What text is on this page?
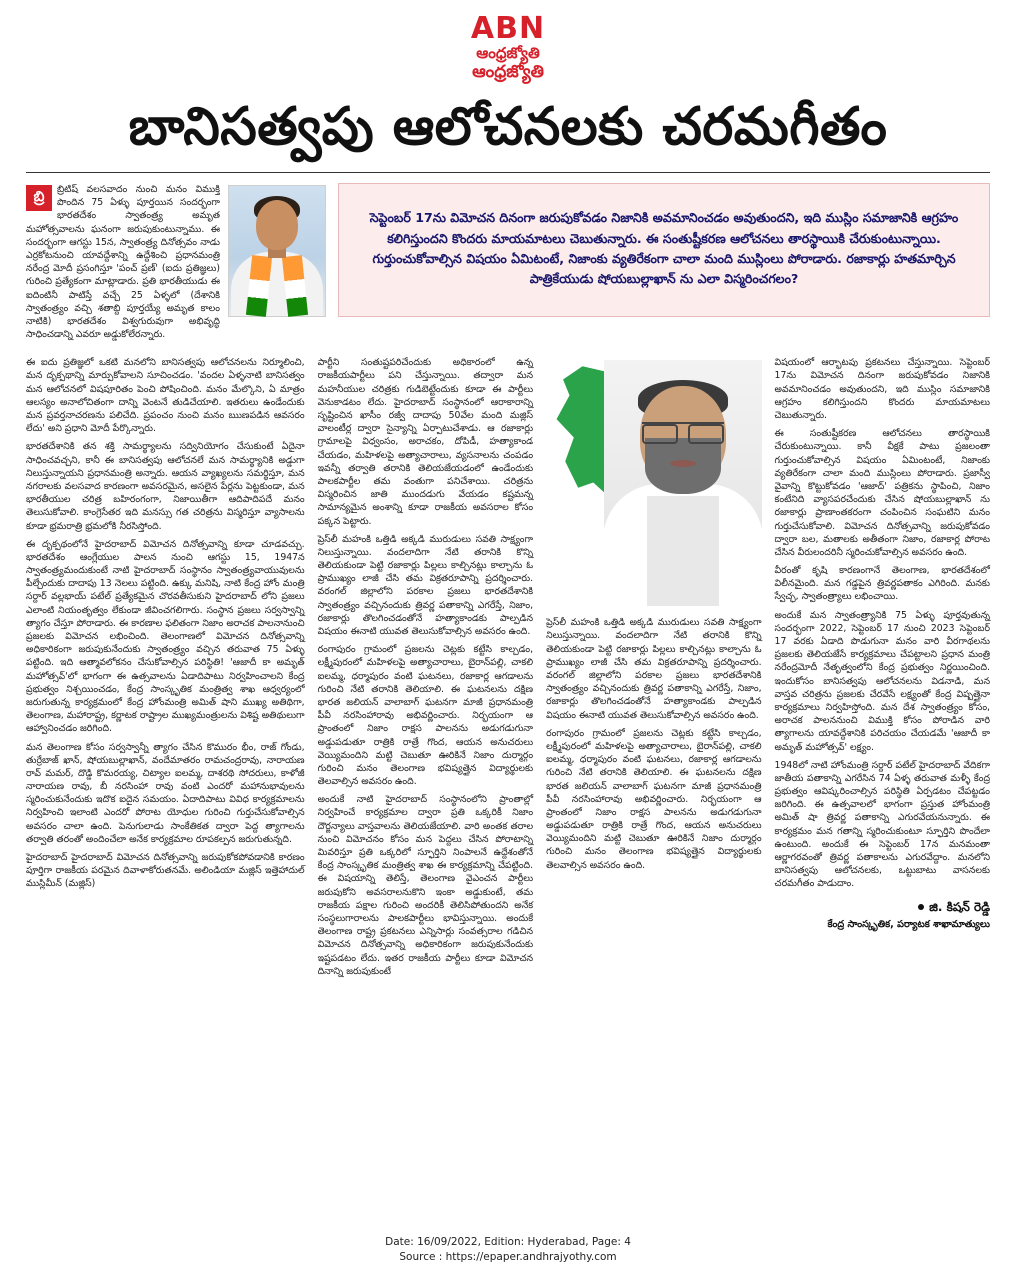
ABN
ఆంధ్రజ్యోతి
ఆంధ్రజ్యోతి
బానిసత్వపు ఆలోచనలకు చరమగీతం
బ్రి	బ్రిటిష్ వలసవాదం నుంచి మనం విముక్తి పొందిన 75 ఏళ్ళు పూర్తయిన సందర్భంగా భారతదేశం స్వాతంత్ర్య అమృత మహోత్సవాలను ఘనంగా జరుపుకుంటున్నాము. ఈ సందర్భంగా ఆగస్టు 15న, స్వాతంత్ర్య దినోత్సవం నాడు ఎర్రకోటనుంచి యావద్దేశాన్ని ఉద్దేశించి ప్రధానమంత్రి నరేంద్ర మోదీ ప్రసంగిస్తూ 'పంచ్ ప్రణ్' (ఐదు ప్రతిజ్ఞలు) గురించి ప్రత్యేకంగా మాట్లాడారు. ప్రతి భారతీయుడు ఈ ఐదింటినీ పాటిస్తే వచ్చే 25 ఏళ్ళలో (దేశానికి స్వాతంత్ర్యం వచ్చి శతాబ్ది పూర్తయ్యే అమృత కాలం నాటికి) భారతదేశం విశ్వగురువుగా అభివృద్ధి సాధించడాన్ని ఎవరూ అడ్డుకోలేరన్నారు.

సెప్టెంబర్ 17ను విమోచన దినంగా జరుపుకోవడం నిజానికి అవమానించడం అవుతుందని, ఇది ముస్లిం సమాజానికి ఆగ్రహం కలిగిస్తుందని కొందరు మాయమాటలు చెబుతున్నారు. ఈ సంతుష్టీకరణ ఆలోచనలు తారస్థాయికి చేరుకుంటున్నాయి. గుర్తుంచుకోవాల్సిన విషయం ఏమిటంటే, నిజాంకు వ్యతిరేకంగా చాలా మంది ముస్లింలు పోరాడారు. రజాకార్లు హతమార్చిన పాత్రికేయుడు షోయబుల్లాఖాన్ ను ఎలా విస్మరించగలం?

ఈ ఐదు ప్రతిజ్ఞలో ఒకటి మనలోని బానిసత్వపు ఆలోచనలను నిర్మూలించి, మన దృక్పథాన్ని మార్పుకోవాలని సూచించడం. 'వందల ఏళ్ళనాటి బానిసత్వం మన ఆలోచనలో విషపూరితం పెంచి పోషించింది. మనం మేల్కొని, ఏ మాత్రం ఆలస్యం అనాలోచితంగా దాన్ని వెంటనే తుడిచేయాలి. ఇతరులు ఉండేందుకు మన ప్రవర్తనాచరణను పలిచేది. ప్రపంచం నుంచి మనం ఋణపడిన ఆవసరం లేదు' అని ప్రధాని మోదీ పేర్కొన్నారు.

భారతదేశానికి తన శక్తి సామర్థ్యాలను సద్వినియోగం చేసుకుంటే ఏదైనా సాధించవచ్చని, కానీ ఈ బానిసత్వపు ఆలోచనలే మన సామర్థ్యానికి అడ్డుగా నిలుస్తున్నాయని ప్రధానమంత్రి అన్నారు. ఆయన వ్యాఖ్యలను సమర్థిస్తూ, మన నగరాలకు వలసవాద కారణంగా అవసరమైన, అసలైన పేర్లను పెట్టకుండా, మన భారతీయుల చరిత్ర బహిరంగంగా, నిజాయితీగా ఆదిపాదిపదే మనం తెలుసుకోవాలి. కాంగ్రెసేతర ఇది మనస్సు గత చరిత్రను విస్మరిస్తూ వ్యాసాలను కూడా భ్రమరాత్రి భ్రమలోకి నీరసిస్తోంది.

ఈ దృక్పథంలోనే హైదరాబాద్ విమోచన దినోత్సవాన్ని కూడా చూడవచ్చు. భారతదేశం ఆంగ్లేయుల పాలన నుంచి ఆగస్టు 15, 1947న స్వాతంత్ర్యమందుకుంటే నాటి హైదరాబాద్ సంస్థానం స్వాతంత్ర్యవాయువులను పీల్చేందుకు దాదాపు 13 నెలలు పట్టింది. ఉక్కు మనిషి, నాటి కేంద్ర హోం మంత్రి సర్దార్ వల్లభాయ్ పటేల్ ప్రత్యేకమైన చొరవతీసుకుని హైదరాబాద్ లోని ప్రజలు ఎలాంటి నియంతృత్వం లేకుండా జీవించగలిగారు. సంస్థాన ప్రజలు సర్వస్వాన్ని త్యాగం చేస్తూ పోరాడారు. ఈ కారణాల ఫలితంగా నిజాం అరాచక పాలనానుంచి ప్రజలకు విమోచన లభించింది. తెలంగాణలో విమోచన దినోత్సవాన్ని అధికారికంగా జరుపుకునేందుకు స్వాతంత్ర్యం వచ్చిన తరువాత 75 ఏళ్ళు పట్టింది. ఇది ఆత్మావలోకనం చేసుకోవాల్సిన పరిస్థితి! 'ఆజాదీ కా అమృత్ మహోత్సవ్'లో భాగంగా ఈ ఉత్సవాలను ఏడాదిపాటు నిర్వహించాలని కేంద్ర ప్రభుత్వం నిశ్చయించడం, కేంద్ర సాంస్కృతిక మంత్రిత్వ శాఖ ఆధ్వర్యంలో జరుగుతున్న కార్యక్రమంలో కేంద్ర హోంమంత్రి అమిత్ షాని ముఖ్య అతిథిగా, తెలంగాణ, మహారాష్ట్ర, కర్ణాటక రాష్ట్రాల ముఖ్యమంత్రులను విశిష్ట అతిథులుగా ఆహ్వానించడం జరిగింది.

మన తెలంగాణ కోసం సర్వస్వాన్నీ త్యాగం చేసిన కొమురం భీం, రాజ్ గోండు, తుర్రేబాజ్ ఖాన్, షోయబుల్లాఖాన్, వందేమాతరం రామచంద్రరావు, నారాయణ రావ్ మమర్, దొడ్డి కొమరయ్య, చిట్యాల ఐలమ్మ, దాశరథి సోదరులు, కాళోజీ నారాయణ రావు, బీ నరసింహా రావు వంటి ఎందరో మహానుభావులను స్మరించుకునేందుకు ఇదొక ఐదైన సమయం. ఏదాదిపాటు వివిధ కార్యక్రమాలను నిర్వహించి ఇలాంటి ఎందరో పోరాట యోధుల గురించి గుర్తుచేసుకోవాల్సిన అవసరం చాలా ఉంది. పెనుగులాడు సాంకేతికత ద్వారా పెద్ద త్యాగాలను తర్వాతి తరంతో అందించేలా అనేక కార్యక్రమాల రూపకల్పన జరుగుతున్నది.

హైదరాబాద్ హైదరాబాద్ విమోచన దినోత్సవాన్ని జరుపుకోకపోవడానికి కారణం పూర్తిగా రాజకీయ పరమైన దివాళాకోరుతనమే. అలిండియా మజ్లిస్ ఇత్తెహాదుల్ ముస్లిమీన్ (మజ్లిస్)

పార్టీని సంతుష్టపరిచేందుకు అధికారంలో ఉన్న రాజకీయపార్టీలు పని చేస్తున్నాయి. తద్వారా మన మహనీయుల చరిత్రకు గుడిబెట్టేందుకు కూడా ఈ పార్టీలు వెనుకాడటం లేదు. హైదరాబాద్ సంస్థానంలో ఆరాకారాన్ని సృష్టించిన ఖాసీం రజ్వీ దాదాపు 50వేల మంది మజ్లిస్ వాలంటీర్ల ద్వారా సైన్యాన్ని ఏర్పాటుచేశాడు. ఆ రజాకార్లు గ్రామాలపై విధ్వంసం, అరాచకం, దోపిడీ, హత్యాకాండ చేయడం, మహిళలపై అత్యాచారాలు, వ్యసనాలను చంపడం ఇవన్నీ తర్వాతి తరానికి తెలియజేయడంలో ఉండేందుకు పాలకపార్టీల తమ వంతుగా పనిచేశాయి. చరిత్రను విస్మరించిన జాతి ముందడుగు వేయడం కష్టమన్న సామాన్యమైన అంశాన్ని కూడా రాజకీయ అవసరాల కోసం పక్కన పెట్టారు.

ప్రెస్‌లీ మహంకి ఒత్తిడి అక్కడి మురుడులు సవతి సాక్ష్యంగా నిలుస్తున్నాయి. వందలాదిగా నేటి తరానికి కొన్ని తెలియకుండా పెట్టి రజాకార్లు పిల్లలు కాల్చినట్లు కాల్చాను ఓ ప్రాముఖ్యం లాజీ చేసి తమ విక్రతరూపాన్ని ప్రదర్శించారు. వరంగల్ జిల్లాలోని పరకాల ప్రజలు భారతదేశానికి స్వాతంత్ర్యం వచ్చినందుకు త్రివర్ణ పతాకాన్ని ఎగరేస్తే, నిజాం, రజాకార్లు తొలగించడంతోనే హత్యాకాండకు పాల్పడిన విషయం ఈనాటి యువత తెలుసుకోవాల్సిన అవసరం ఉంది.

రంగాపురం గ్రామంలో ప్రజలను చెట్లకు కట్టేసి కాల్చడం, లక్ష్మీపురంలో మహిళలపై అత్యాచారాలు, బైరాన్‌పల్లి, చాకలి ఐలమ్మ, ధర్మాపురం వంటి ఘటనలు, రజాకార్ల ఆగడాలను గురించి నేటి తరానికి తెలియాలి. ఈ ఘటనలను దక్షిణ భారత జలియన్ వాలాబాగ్ ఘటనగా మాజీ ప్రధానమంత్రి పీవీ నరసింహారావు అభివర్ణించారు. నిర్భయంగా ఆ ప్రాంతంలో నిజాం రాక్షస పాలనను అడుగడుగునా అడ్డుపడుతూ రాత్రికి రాత్రే గొంద, ఆయన అనుచరులు వెయ్యిమందిని మట్టి చెబుతూ ఊరికినే నిజాం దుర్మార్గం గురించి మనం తెలంగాణ భవిష్యత్తైన విద్యార్థులకు తెలవాల్సిన అవసరం ఉంది.

అందుకే నాటి హైదరాబాద్ సంస్థానంలోని ప్రాంతాల్లో నిర్వహించే కార్యక్రమాల ద్వారా ప్రతి ఒక్కరికీ నిజాం దౌర్జన్యాలు వాస్తవాలను తెలియజేయాలి. వారి అంతక తరాల నుంచి విమోచనం కోసం మన పెద్దలు చేసిన పోరాటాన్ని మివరిస్తూ ప్రతి ఒక్కరిలో స్ఫూర్తిని నింపాలనే ఉద్దేశంతోనే కేంద్ర సాంస్కృతిక మంత్రిత్వ శాఖ ఈ కార్యక్రమాన్ని చేపట్టింది. ఈ విషయాన్ని తెలిస్తే, తెలంగాణ వైఎంచన పార్టీలు జరుపుకోని అవసరాలనుకొని ఇంకా అడ్డుకుంటే, తమ రాజకీయ పక్షాల గురించి అందరికీ తెలిసిపోతుందని అనేక సంస్థలుగారాలను పాలకపార్టీలు భావిస్తున్నాయి. అందుకే తెలంగాణ రాష్ట్ర ప్రకటనలు ఎన్నిసార్లు సంవత్సరాల గడిచిన విమోచన దినోత్సవాన్ని అధికారికంగా జరుపుకునేందుకు ఇష్టపడటం లేదు. ఇతర రాజకీయ పార్టీలు కూడా విమోచన దినాన్ని జరుపుకుంటే

తెలంగాణ

ప్రెస్‌లీ మహంకి ఒత్తిడి అక్కడి మురుడులు సవతి సాక్ష్యంగా నిలుస్తున్నాయి. వందలాదిగా నేటి తరానికి కొన్ని తెలియకుండా పెట్టి రజాకార్లు పిల్లలు కాల్చినట్లు కాల్చాను ఓ ప్రాముఖ్యం లాజీ చేసి తమ విక్రతరూపాన్ని ప్రదర్శించారు. వరంగల్ జిల్లాలోని పరకాల ప్రజలు భారతదేశానికి స్వాతంత్ర్యం వచ్చినందుకు త్రివర్ణ పతాకాన్ని ఎగరేస్తే, నిజాం, రజాకార్లు తొలగించడంతోనే హత్యాకాండకు పాల్పడిన విషయం ఈనాటి యువత తెలుసుకోవాల్సిన అవసరం ఉంది.

రంగాపురం గ్రామంలో ప్రజలను చెట్లకు కట్టేసి కాల్చడం, లక్ష్మీపురంలో మహిళలపై అత్యాచారాలు, బైరాన్‌పల్లి, చాకలి ఐలమ్మ, ధర్మాపురం వంటి ఘటనలు, రజాకార్ల ఆగడాలను గురించి నేటి తరానికి తెలియాలి. ఈ ఘటనలను దక్షిణ భారత జలియన్ వాలాబాగ్ ఘటనగా మాజీ ప్రధానమంత్రి పీవీ నరసింహారావు అభివర్ణించారు. నిర్భయంగా ఆ ప్రాంతంలో నిజాం రాక్షస పాలనను అడుగడుగునా అడ్డుపడుతూ రాత్రికి రాత్రే గొంద, ఆయన అనుచరులు వెయ్యిమందిని మట్టి చెబుతూ ఊరికినే నిజాం దుర్మార్గం గురించి మనం తెలంగాణ భవిష్యత్తైన విద్యార్థులకు తెలవాల్సిన అవసరం ఉంది.

విషయంలో ఆర్భాటపు ప్రకటనలు చేస్తున్నాయి. సెప్టెంబర్ 17ను విమోచన దినంగా జరుపుకోవడం నిజానికి అవమానించడం అవుతుందని, ఇది ముస్లిం సమాజానికి ఆగ్రహం కలిగిస్తుందని కొందరు మాయమాటలు చెబుతున్నారు.

ఈ సంతుష్టీకరణ ఆలోచనలు తారస్థాయికి చేరుకుంటున్నాయి. కానీ వీక్షకే పాటు ప్రజలంతా గుర్తుంచుకోవాల్సిన విషయం ఏమింటంటే, నిజాంకు వ్యతిరేకంగా చాలా మంది ముస్లింలు పోరాడారు. ప్రజాస్వీ వైవాన్ని కొట్టుకోవడం 'ఆజాద్' పత్రికను స్థాపించి, నిజాం కంటేనిది వ్యాసపరచేందుకు చేసిన షోయబుల్లాఖాన్ ను రజాకార్లు ప్రాణాంతకరంగా చంపించిన సంఘటిని మనం గుర్తుచేసుకోవాలి. విమోచన దినోత్సవాన్ని జరుపుకోవడం ద్వారా బల, మతాలకు అతీతంగా నిజాం, రజాకార్ల పోరాట చేసిన వీరులందరినీ స్మరించుకోవాల్సిన అవసరం ఉంది.

వీరంతో కృషి కారణంగానే తెలంగాణ, భారతదేశంలో విలీనమైంది. మన గడ్డపైన త్రివర్ణపతాకం ఎగిరింది. మనకు స్వేచ్ఛ, స్వాతంత్ర్యాలు లభించాయి.

అందుకే మన స్వాతంత్ర్యానికి 75 ఏళ్ళు పూర్తవుతున్న సందర్భంగా 2022, సెప్టెంబర్ 17 నుంచి 2023 సెప్టెంబర్ 17 వరకు ఏడాది పొడుగునా మనం వారి వీరగాథలను ప్రజలకు తెలియజేసే కార్యక్రమాలు చేపట్టాలని ప్రధాన మంత్రి నరేంద్రమోదీ నేతృత్వంలోని కేంద్ర ప్రభుత్వం నిర్ణయించింది. ఇందుకోసం బానిసత్వపు ఆలోచనలను విడనాడి, మన వాస్తవ చరిత్రను ప్రజలకు చేరవేసే లక్ష్యంతో కేంద్ర విష్పత్తైనా కార్యక్రమాలు నిర్వహిస్తోంది. మన దేశ స్వాతంత్ర్యం కోసం, అరాచక పాలననుంచి విముక్తి కోసం పోరాడిన వారి త్యాగాలను యావద్దేశానికి పరిచయం చేయడమే 'ఆజాదీ కా అమృత్ మహోత్సవ్' లక్ష్యం.

1948లో నాటి హోంమంత్రి సర్దార్ పటేల్ హైదరాబాద్ వేదికగా జాతీయ పతాకాన్ని ఎగరేసిన 74 ఏళ్ళ తరువాత మళ్ళీ కేంద్ర ప్రభుత్వం ఆవిష్కరించాల్సిన పరిస్థితి ఏర్పడటం చేపట్టడం జరిగింది. ఈ ఉత్సవాలలో భాగంగా ప్రస్తుత హోంమంత్రి అమిత్ షా త్రివర్ణ పతాకాన్ని ఎగురవేయనున్నారు. ఈ కార్యక్రమం మన గతాన్ని స్మరించుకుంటూ స్ఫూర్తిని పొందేలా ఉంటుంది. అందుకే ఈ సెప్టెంబర్ 17న మనమంతా ఆర్ణాగరవంతో త్రివర్ణ పతాకాలను ఎగురవేద్దాం. మనలోని బానిసత్వపు ఆలోచనలకు, ఒట్టుబాటు వాసనలకు చరమగీతం పాడుదాం.

జి. కిషన్ రెడ్డి
కేంద్ర సాంస్కృతిక, పర్యాటక శాఖామాత్యులు
Date: 16/09/2022, Edition: Hyderabad, Page: 4
Source : https://epaper.andhrajyothy.com
